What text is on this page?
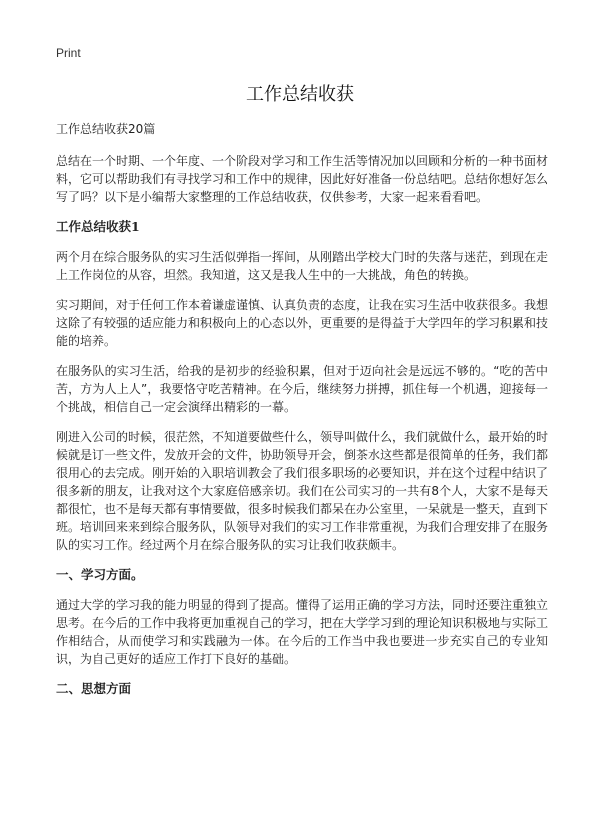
Print
工作总结收获

工作总结收获20篇

总结在一个时期、一个年度、一个阶段对学习和工作生活等情况加以回顾和分析的一种书面材料，它可以帮助我们有寻找学习和工作中的规律，因此好好准备一份总结吧。总结你想好怎么写了吗？以下是小编帮大家整理的工作总结收获，仅供参考，大家一起来看看吧。

工作总结收获1

两个月在综合服务队的实习生活似弹指一挥间，从刚踏出学校大门时的失落与迷茫，到现在走上工作岗位的从容，坦然。我知道，这又是我人生中的一大挑战，角色的转换。

实习期间，对于任何工作本着谦虚谨慎、认真负责的态度，让我在实习生活中收获很多。我想这除了有较强的适应能力和积极向上的心态以外，更重要的是得益于大学四年的学习积累和技能的培养。

在服务队的实习生活，给我的是初步的经验积累，但对于迈向社会是远远不够的。“吃的苦中苦，方为人上人”，我要恪守吃苦精神。在今后，继续努力拼搏，抓住每一个机遇，迎接每一个挑战，相信自己一定会演绎出精彩的一幕。

刚进入公司的时候，很茫然，不知道要做些什么，领导叫做什么，我们就做什么，最开始的时候就是订一些文件，发放开会的文件，协助领导开会，倒茶水这些都是很简单的任务，我们都很用心的去完成。刚开始的入职培训教会了我们很多职场的必要知识，并在这个过程中结识了很多新的朋友，让我对这个大家庭倍感亲切。我们在公司实习的一共有8个人，大家不是每天都很忙，也不是每天都有事情要做，很多时候我们都呆在办公室里，一呆就是一整天，直到下班。培训回来来到综合服务队，队领导对我们的实习工作非常重视，为我们合理安排了在服务队的实习工作。经过两个月在综合服务队的实习让我们收获颇丰。

一、学习方面。

通过大学的学习我的能力明显的得到了提高。懂得了运用正确的学习方法，同时还要注重独立思考。在今后的工作中我将更加重视自己的学习，把在大学学习到的理论知识积极地与实际工作相结合，从而使学习和实践融为一体。在今后的工作当中我也要进一步充实自己的专业知识，为自己更好的适应工作打下良好的基础。

二、思想方面
